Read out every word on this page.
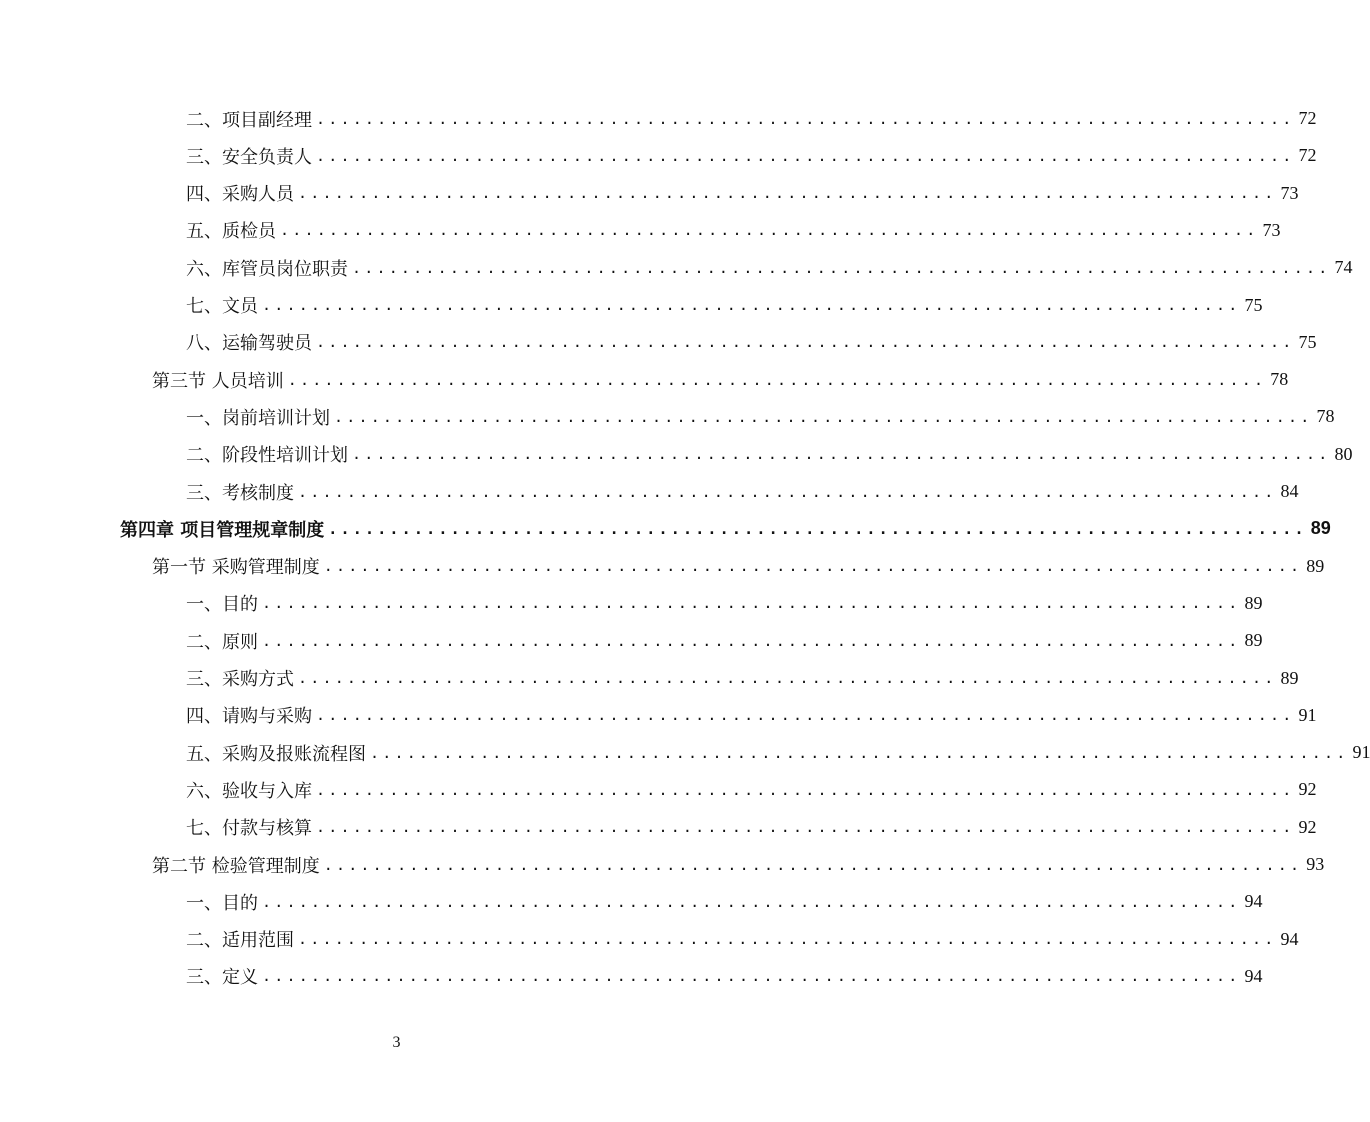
二、项目副经理 ................................................................................ 72
三、安全负责人 ................................................................................ 72
四、采购人员 ................................................................................ 73
五、质检员 ................................................................................ 73
六、库管员岗位职责 ................................................................................ 74
七、文员 ................................................................................ 75
八、运输驾驶员 ................................................................................ 75
第三节 人员培训 ................................................................................ 78
一、岗前培训计划 ................................................................................ 78
二、阶段性培训计划 ................................................................................ 80
三、考核制度 ................................................................................ 84
第四章 项目管理规章制度 ................................................................................ 89
第一节 采购管理制度 ................................................................................ 89
一、目的 ................................................................................ 89
二、原则 ................................................................................ 89
三、采购方式 ................................................................................ 89
四、请购与采购 ................................................................................ 91
五、采购及报账流程图 ................................................................................ 91
六、验收与入库 ................................................................................ 92
七、付款与核算 ................................................................................ 92
第二节 检验管理制度 ................................................................................ 93
一、目的 ................................................................................ 94
二、适用范围 ................................................................................ 94
三、定义 ................................................................................ 94
3
